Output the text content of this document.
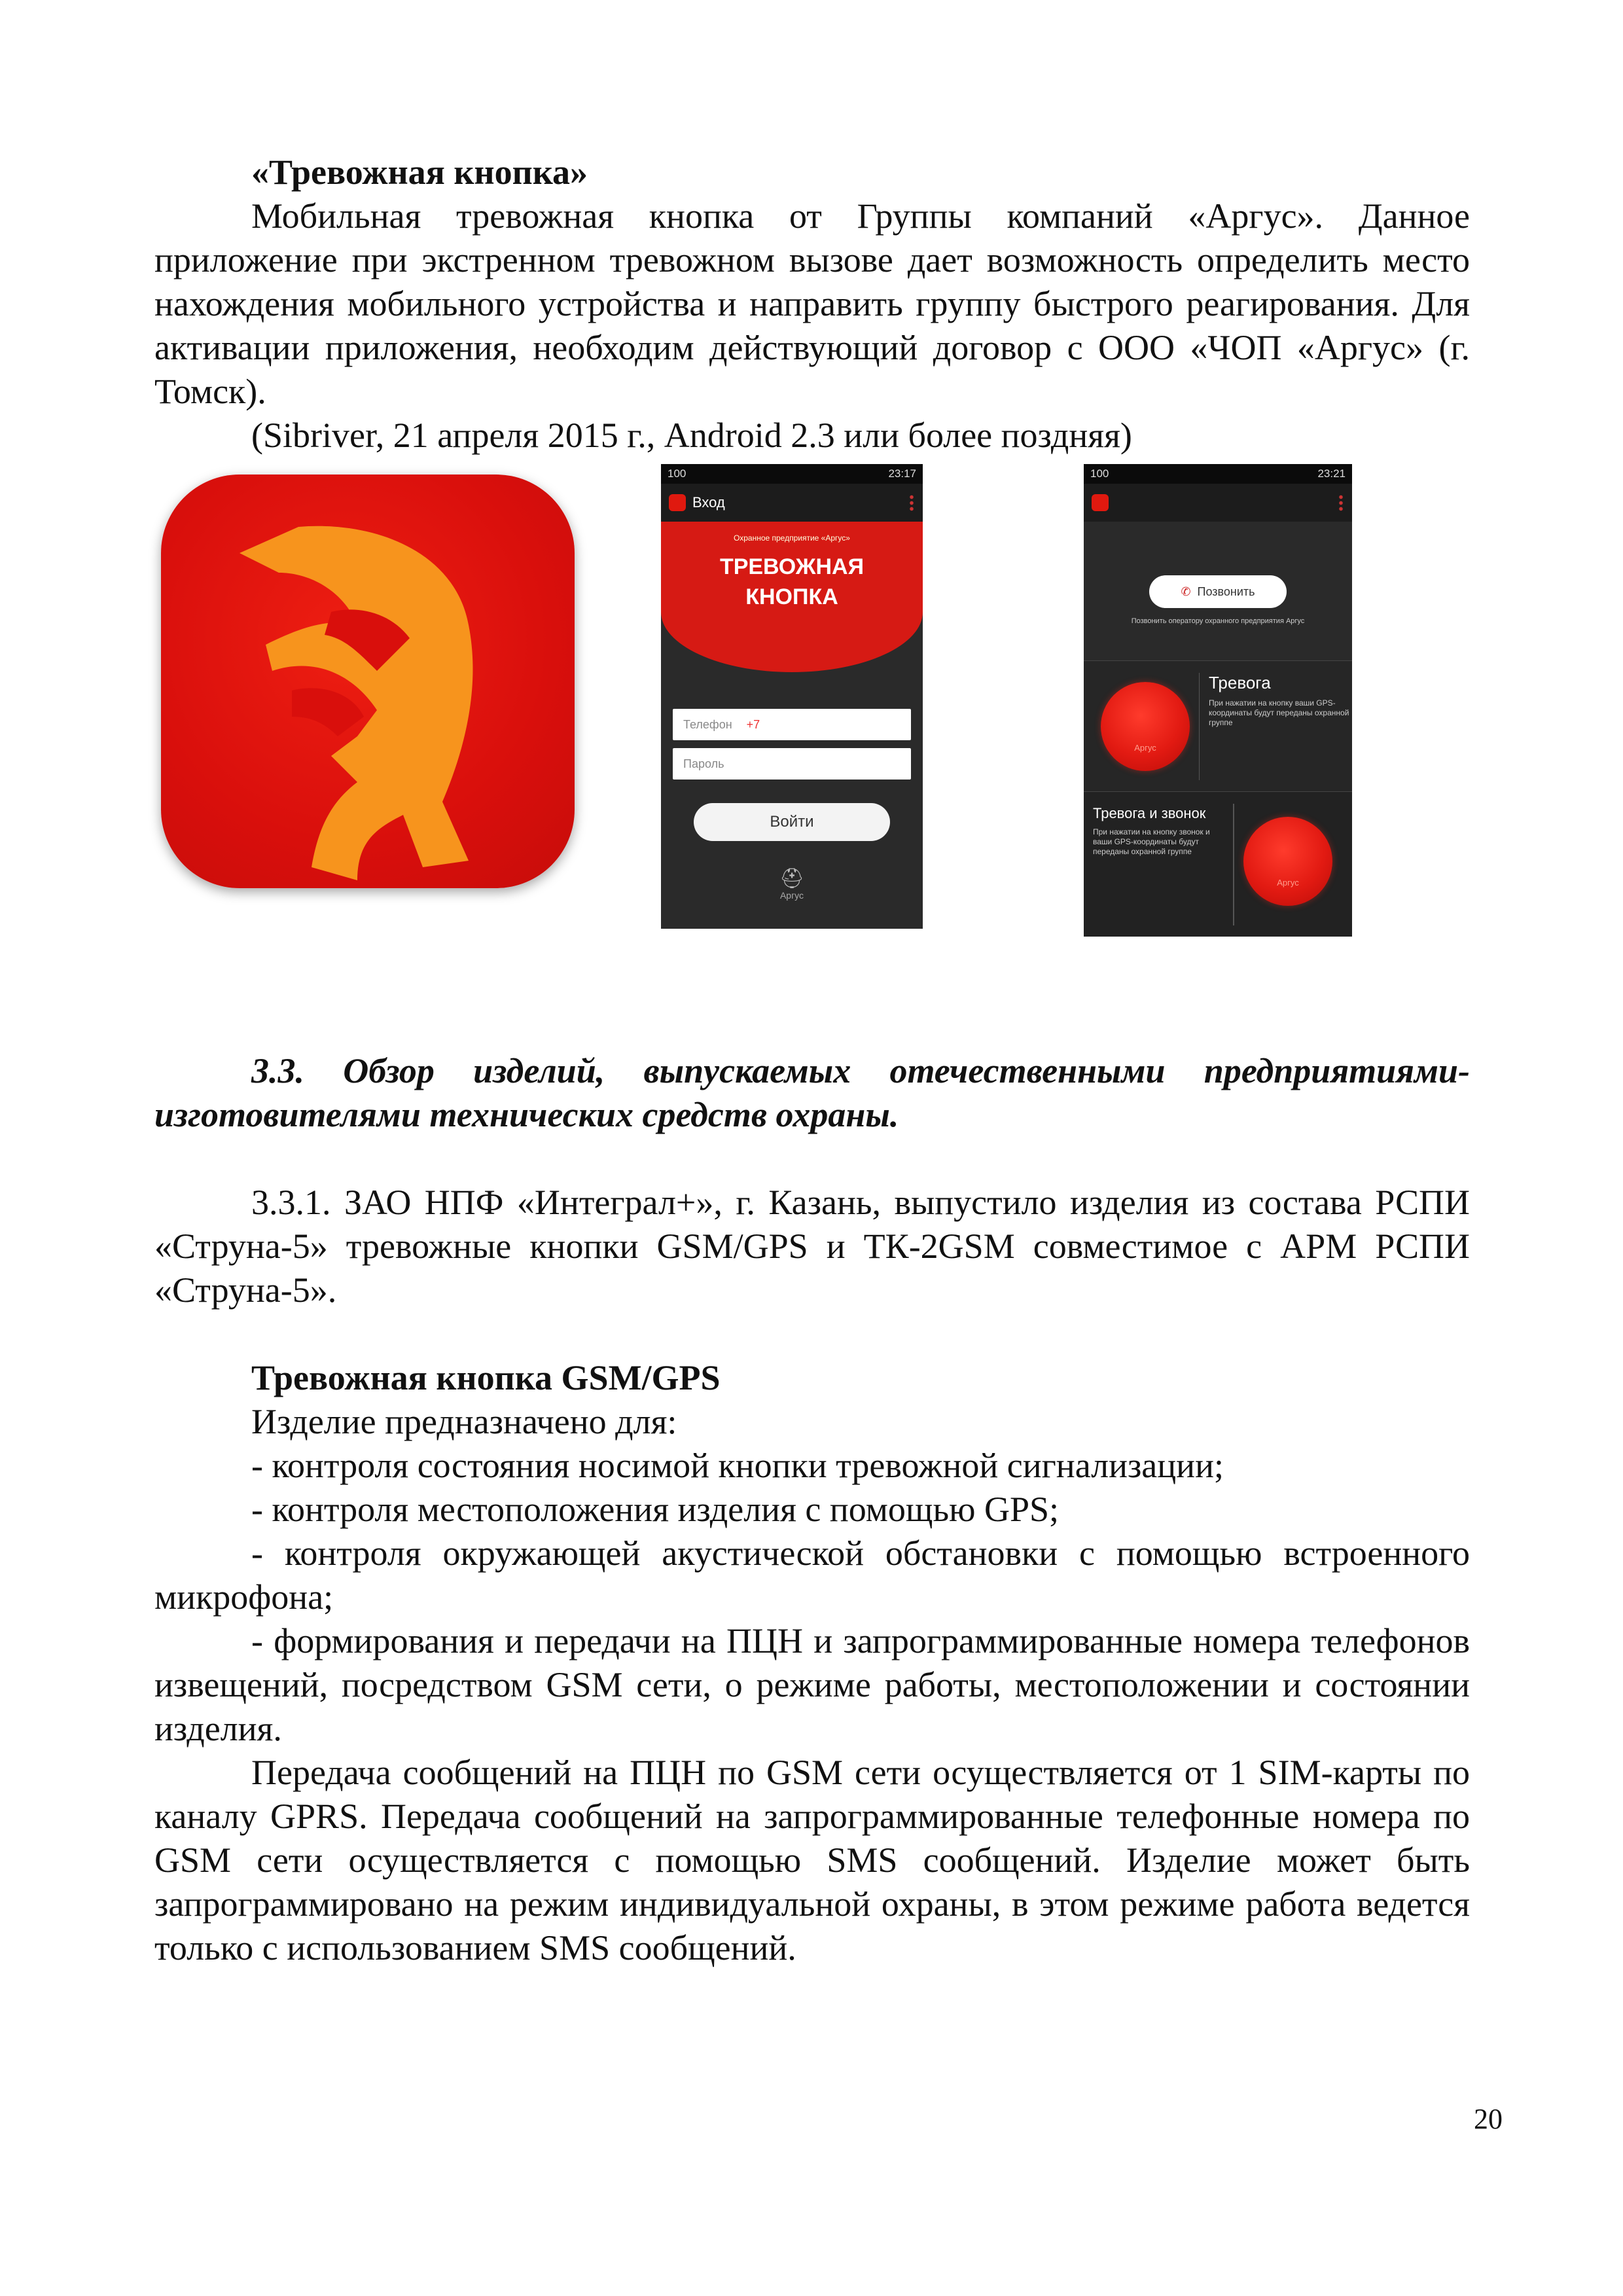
«Тревожная кнопка»

Мобильная тревожная кнопка от Группы компаний «Аргус». Данное приложение при экстренном тревожном вызове дает возможность определить место нахождения мобильного устройства и направить группу быстрого реагирования. Для активации приложения, необходим действующий договор с ООО «ЧОП «Аргус» (г. Томск).

(Sibriver, 21 апреля 2015 г., Android 2.3 или более поздняя)

100	23:17
Вход
Охранное предприятие «Аргус»
ТРЕВОЖНАЯ
КНОПКА
Телефон +7
Пароль
Войти
⛑
Аргус
100	23:21
✆ Позвонить
Позвонить оператору охранного предприятия Аргус
Аргус
Тревога
При нажатии на кнопку ваши GPS-координаты будут переданы охранной группе
Тревога и звонок
При нажатии на кнопку звонок и ваши GPS-координаты будут переданы охранной группе
Аргус

3.3. Обзор изделий, выпускаемых отечественными предприятиями-изготовителями технических средств охраны.

3.3.1. ЗАО НПФ «Интеграл+», г. Казань, выпустило изделия из состава РСПИ «Струна-5» тревожные кнопки GSM/GPS и ТК-2GSM совместимое с АРМ РСПИ «Струна-5».

Тревожная кнопка GSM/GPS

Изделие предназначено для:

- контроля состояния носимой кнопки тревожной сигнализации;

- контроля местоположения изделия с помощью GPS;

- контроля окружающей акустической обстановки с помощью встроенного микрофона;

- формирования и передачи на ПЦН и запрограммированные номера телефонов извещений, посредством GSM сети, о режиме работы, местоположении и состоянии изделия.

Передача сообщений на ПЦН по GSM сети осуществляется от 1 SIM-карты по каналу GPRS. Передача сообщений на запрограммированные телефонные номера по GSM сети осуществляется с помощью SMS сообщений. Изделие может быть запрограммировано на режим индивидуальной охраны, в этом режиме работа ведется только с использованием SMS сообщений.

20
